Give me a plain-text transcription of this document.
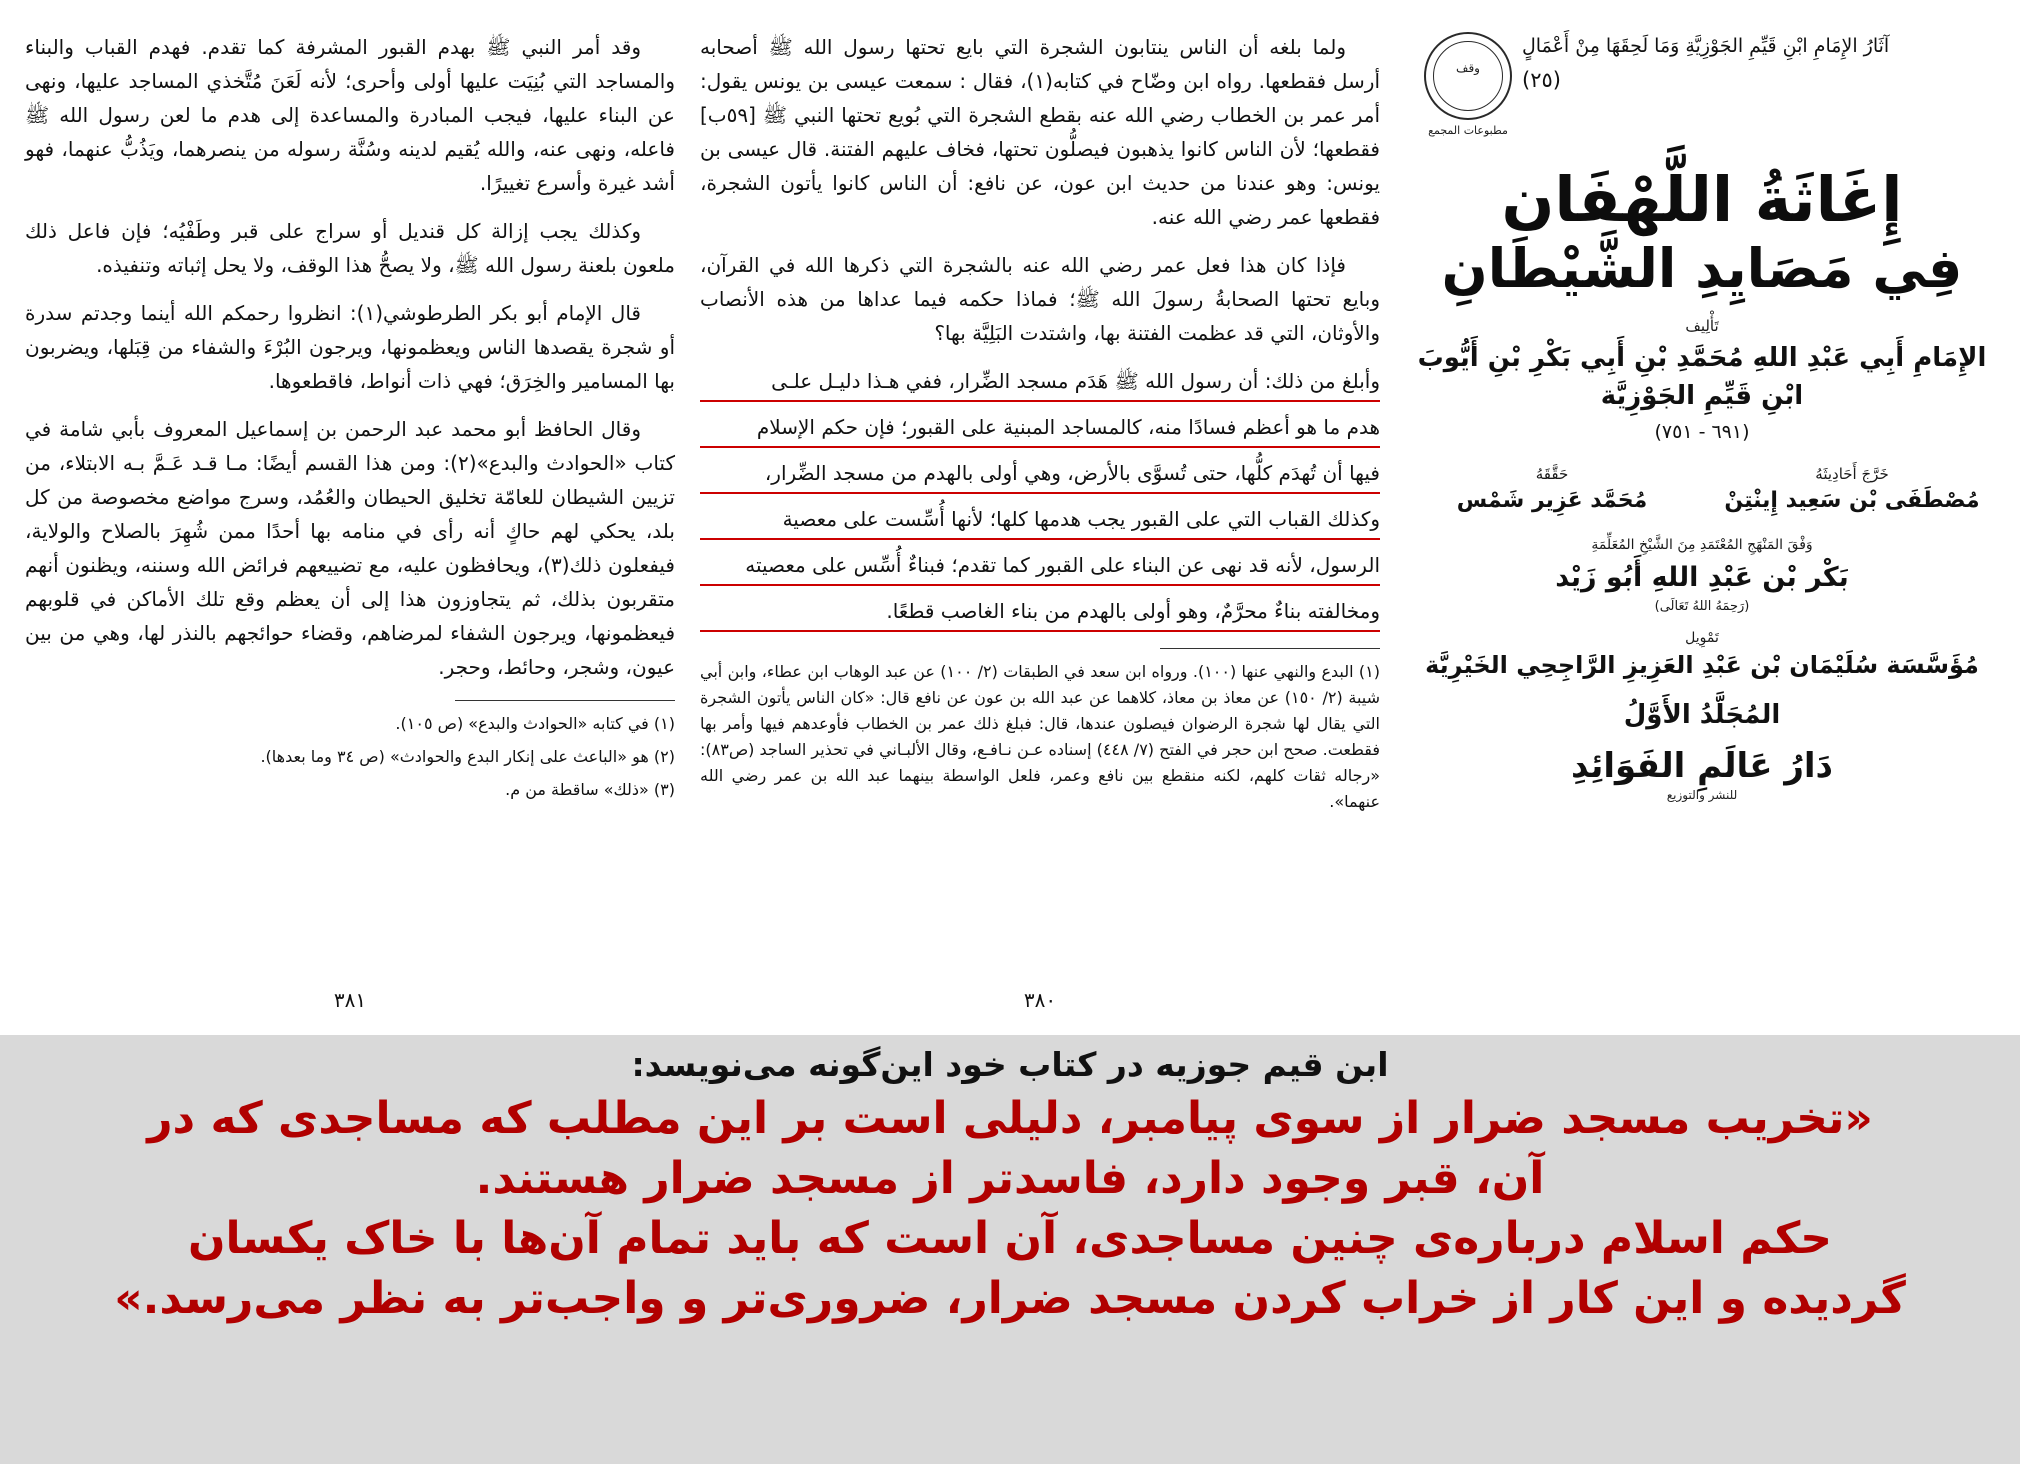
وقد أمر النبي ﷺ بهدم القبور المشرفة كما تقدم. فهدم القباب والبناء والمساجد التي بُنِيَت عليها أولى وأحرى؛ لأنه لَعَنَ مُتَّخذي المساجد عليها، ونهى عن البناء عليها، فيجب المبادرة والمساعدة إلى هدم ما لعن رسول الله ﷺ فاعله، ونهى عنه، والله يُقيم لدينه وسُنَّة رسوله من ينصرهما، ويَذُبُّ عنهما، فهو أشد غيرة وأسرع تغييرًا.

وكذلك يجب إزالة كل قنديل أو سراج على قبر وطَفْيُه؛ فإن فاعل ذلك ملعون بلعنة رسول الله ﷺ، ولا يصحُّ هذا الوقف، ولا يحل إثباته وتنفيذه.

قال الإمام أبو بكر الطرطوشي(١): انظروا رحمكم الله أينما وجدتم سدرة أو شجرة يقصدها الناس ويعظمونها، ويرجون البُرْءَ والشفاء من قِبَلها، ويضربون بها المسامير والخِرَق؛ فهي ذات أنواط، فاقطعوها.

وقال الحافظ أبو محمد عبد الرحمن بن إسماعيل المعروف بأبي شامة في كتاب «الحوادث والبدع»(٢): ومن هذا القسم أيضًا: مـا قـد عَـمَّ بـه الابتلاء، من تزيين الشيطان للعامّة تخليق الحيطان والعُمُد، وسرج مواضع مخصوصة من كل بلد، يحكي لهم حاكٍ أنه رأى في منامه بها أحدًا ممن شُهِرَ بالصلاح والولاية، فيفعلون ذلك(٣)، ويحافظون عليه، مع تضييعهم فرائض الله وسننه، ويظنون أنهم متقربون بذلك، ثم يتجاوزون هذا إلى أن يعظم وقع تلك الأماكن في قلوبهم فيعظمونها، ويرجون الشفاء لمرضاهم، وقضاء حوائجهم بالنذر لها، وهي من بين عيون، وشجر، وحائط، وحجر.

(١) في كتابه «الحوادث والبدع» (ص ١٠٥).

(٢) هو «الباعث على إنكار البدع والحوادث» (ص ٣٤ وما بعدها).

(٣) «ذلك» ساقطة من م.

٣٨١

ولما بلغه أن الناس ينتابون الشجرة التي بايع تحتها رسول الله ﷺ أصحابه أرسل فقطعها. رواه ابن وضّاح في كتابه(١)، فقال : سمعت عيسى بن يونس يقول: أمر عمر بن الخطاب رضي الله عنه بقطع الشجرة التي بُويع تحتها النبي ﷺ [٥٩ب] فقطعها؛ لأن الناس كانوا يذهبون فيصلُّون تحتها، فخاف عليهم الفتنة. قال عيسى بن يونس: وهو عندنا من حديث ابن عون، عن نافع: أن الناس كانوا يأتون الشجرة، فقطعها عمر رضي الله عنه.

فإذا كان هذا فعل عمر رضي الله عنه بالشجرة التي ذكرها الله في القرآن، وبايع تحتها الصحابةُ رسولَ الله ﷺ؛ فماذا حكمه فيما عداها من هذه الأنصاب والأوثان، التي قد عظمت الفتنة بها، واشتدت البَلِيَّة بها؟

وأبلغ من ذلك: أن رسول الله ﷺ هَدَم مسجد الضِّرار، ففي هـذا دليـل علـى

هدم ما هو أعظم فسادًا منه، كالمساجد المبنية على القبور؛ فإن حكم الإسلام

فيها أن تُهدَم كلُّها، حتى تُسوَّى بالأرض، وهي أولى بالهدم من مسجد الضِّرار،

وكذلك القباب التي على القبور يجب هدمها كلها؛ لأنها أُسِّست على معصية

الرسول، لأنه قد نهى عن البناء على القبور كما تقدم؛ فبناءٌ أُسِّس على معصيته

ومخالفته بناءٌ محرَّمٌ، وهو أولى بالهدم من بناء الغاصب قطعًا.

(١) البدع والنهي عنها (١٠٠). ورواه ابن سعد في الطبقات (٢/ ١٠٠) عن عبد الوهاب ابن عطاء، وابن أبي شيبة (٢/ ١٥٠) عن معاذ بن معاذ، كلاهما عن عبد الله بن عون عن نافع قال: «كان الناس يأتون الشجرة التي يقال لها شجرة الرضوان فيصلون عندها، قال: فبلغ ذلك عمر بن الخطاب فأوعدهم فيها وأمر بها فقطعت. صحح ابن حجر في الفتح (٧/ ٤٤٨) إسناده عـن نـافـع، وقال الألبـاني في تحذير الساجد (ص٨٣): «رجاله ثقات كلهم، لكنه منقطع بين نافع وعمر، فلعل الواسطة بينهما عبد الله بن عمر رضي الله عنهما».

٣٨٠
وقف
مطبوعات المجمع
آثَارُ الإِمَامِ ابْنِ قَيِّمِ الجَوْزِيَّةِ وَمَا لَحِقَهَا مِنْ أَعْمَالٍ
(٢٥)
إِغَاثَةُ اللَّهْفَان
فِي مَصَايِدِ الشَّيْطَانِ
تَأْلِيف
الإِمَامِ أَبِي عَبْدِ اللهِ مُحَمَّدِ بْنِ أَبِي بَكْرِ بْنِ أَيُّوبَ ابْنِ قَيِّمِ الجَوْزِيَّة
(٦٩١ - ٧٥١)
حَقَّقَهُ
مُحَمَّد عَزِير شَمْس
خَرَّجَ أَحَادِيثَهُ
مُصْطَفَى بْن سَعِيد إِينْتِنْ
وَفْقَ المَنْهَجِ المُعْتَمَدِ مِنَ الشَّيْخِ المُعَلِّمَةِ
بَكْر بْن عَبْدِ اللهِ أَبُو زَيْد
(رَحِمَهُ اللهُ تَعَالَى)
تَمْوِيل
مُؤَسَّسَة سُلَيْمَان بْن عَبْدِ العَزِيزِ الرَّاجِحِي الخَيْرِيَّة
المُجَلَّدُ الأَوَّلُ
دَارُ عَالَمِ الفَوَائِدِ
للنشر والتوزيع

ابن قیم جوزیه در کتاب خود این‌گونه می‌نویسد:

«تخریب مسجد ضرار از سوی پیامبر، دلیلی است بر این مطلب که مساجدی که در
آن، قبر وجود دارد، فاسدتر از مسجد ضرار هستند.
حکم اسلام درباره‌ی چنین مساجدی، آن است که باید تمام آن‌ها با خاک یکسان
گردیده و این کار از خراب کردن مسجد ضرار، ضروری‌تر و واجب‌تر به نظر می‌رسد.»
